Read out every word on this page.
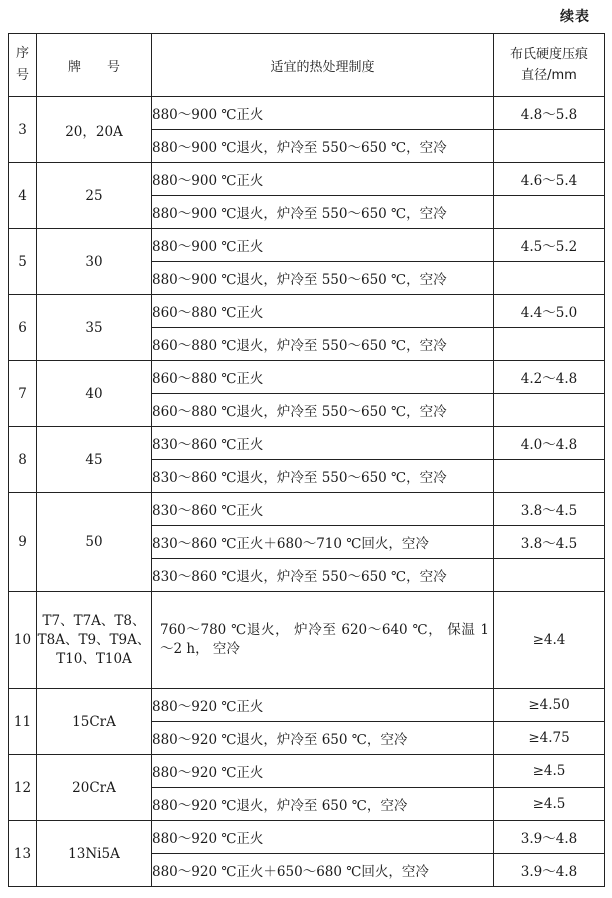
续表
序
号	牌　　号	适宜的热处理制度	布氏硬度压痕
直径/mm
3	20，20A	880～900 ℃正火	4.8～5.8
		880～900 ℃退火，炉冷至 550～650 ℃，空冷	
4	25	880～900 ℃正火	4.6～5.4
		880～900 ℃退火，炉冷至 550～650 ℃，空冷	
5	30	880～900 ℃正火	4.5～5.2
		880～900 ℃退火，炉冷至 550～650 ℃，空冷	
6	35	860～880 ℃正火	4.4～5.0
		860～880 ℃退火，炉冷至 550～650 ℃，空冷	
7	40	860～880 ℃正火	4.2～4.8
		860～880 ℃退火，炉冷至 550～650 ℃，空冷	
8	45	830～860 ℃正火	4.0～4.8
		830～860 ℃退火，炉冷至 550～650 ℃，空冷	
9	50	830～860 ℃正火	3.8～4.5
		830～860 ℃正火＋680～710 ℃回火，空冷	3.8～4.5
		830～860 ℃退火，炉冷至 550～650 ℃，空冷	
10	T7、T7A、T8、T8A、T9、T9A、 T10、T10A	760～780 ℃退火， 炉冷至 620～640 ℃， 保温 1～2 h， 空冷	≥4.4
11	15CrA	880～920 ℃正火	≥4.50
		880～920 ℃退火，炉冷至 650 ℃，空冷	≥4.75
12	20CrA	880～920 ℃正火	≥4.5
		880～920 ℃退火，炉冷至 650 ℃，空冷	≥4.5
13	13Ni5A	880～920 ℃正火	3.9～4.8
		880～920 ℃正火＋650～680 ℃回火，空冷	3.9～4.8
